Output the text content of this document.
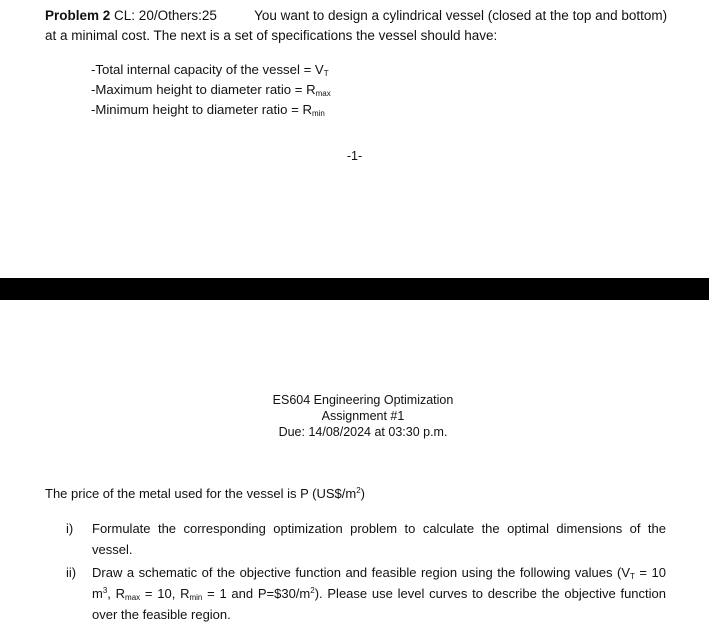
Problem 2 CL: 20/Others:25	You want to design a cylindrical vessel (closed at the top and bottom)
at a minimal cost. The next is a set of specifications the vessel should have:
-Total internal capacity of the vessel = $V_T$
-Maximum height to diameter ratio = $R_{max}$
-Minimum height to diameter ratio = $R_{min}$
-1-
ES604 Engineering Optimization
Assignment #1
Due: 14/08/2024 at 03:30 p.m.
The price of the metal used for the vessel is P $(US\$/m^2)$
i)	Formulate the corresponding optimization problem to calculate the optimal dimensions of the vessel.
ii)	Draw a schematic of the objective function and feasible region using the following values ($V_T = 10$ $m^3$, $R_{max} = 10$, $R_{min} = 1$ and $P=\$30/m^2$). Please use level curves to describe the objective function over the feasible region.
